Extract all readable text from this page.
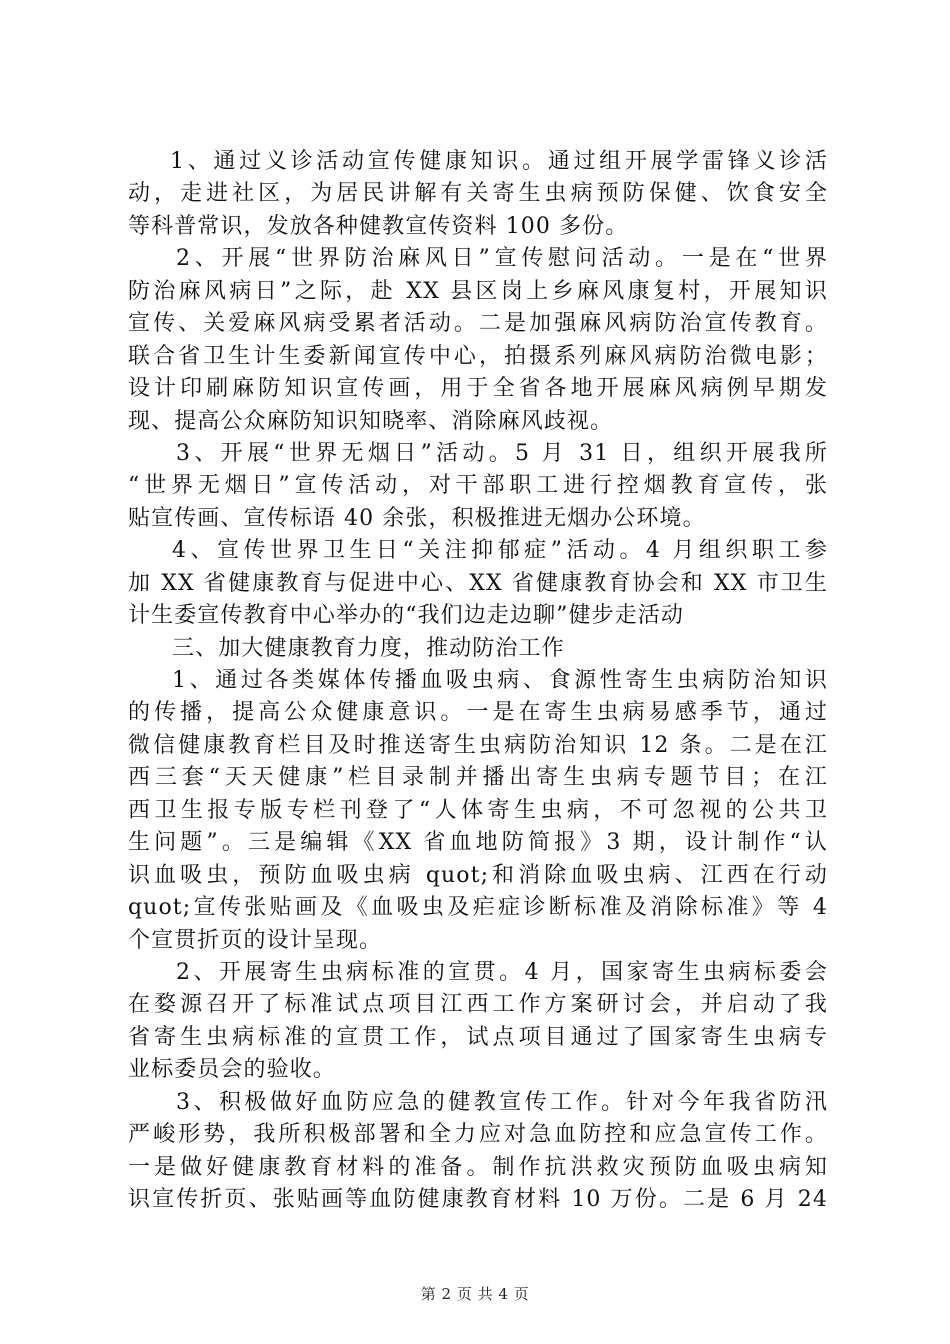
1、通过义诊活动宣传健康知识。通过组开展学雷锋义诊活
动，走进社区，为居民讲解有关寄生虫病预防保健、饮食安全
等科普常识，发放各种健教宣传资料 100 多份。
2、开展“世界防治麻风日”宣传慰问活动。一是在“世界
防治麻风病日”之际，赴 XX 县区岗上乡麻风康复村，开展知识
宣传、关爱麻风病受累者活动。二是加强麻风病防治宣传教育。
联合省卫生计生委新闻宣传中心，拍摄系列麻风病防治微电影；
设计印刷麻防知识宣传画，用于全省各地开展麻风病例早期发
现、提高公众麻防知识知晓率、消除麻风歧视。
3、开展“世界无烟日”活动。5 月 31 日，组织开展我所
“世界无烟日”宣传活动，对干部职工进行控烟教育宣传，张
贴宣传画、宣传标语 40 余张，积极推进无烟办公环境。
4、宣传世界卫生日“关注抑郁症”活动。4 月组织职工参
加 XX 省健康教育与促进中心、XX 省健康教育协会和 XX 市卫生
计生委宣传教育中心举办的“我们边走边聊”健步走活动
三、加大健康教育力度，推动防治工作
1、通过各类媒体传播血吸虫病、食源性寄生虫病防治知识
的传播，提高公众健康意识。一是在寄生虫病易感季节，通过
微信健康教育栏目及时推送寄生虫病防治知识 12 条。二是在江
西三套“天天健康”栏目录制并播出寄生虫病专题节目；在江
西卫生报专版专栏刊登了“人体寄生虫病，不可忽视的公共卫
生问题”。三是编辑《XX 省血地防简报》3 期，设计制作“认
识血吸虫，预防血吸虫病 quot;和消除血吸虫病、江西在行动
quot;宣传张贴画及《血吸虫及疟症诊断标准及消除标准》等 4
个宣贯折页的设计呈现。
2、开展寄生虫病标准的宣贯。4 月，国家寄生虫病标委会
在婺源召开了标准试点项目江西工作方案研讨会，并启动了我
省寄生虫病标准的宣贯工作，试点项目通过了国家寄生虫病专
业标委员会的验收。
3、积极做好血防应急的健教宣传工作。针对今年我省防汛
严峻形势，我所积极部署和全力应对急血防控和应急宣传工作。
一是做好健康教育材料的准备。制作抗洪救灾预防血吸虫病知
识宣传折页、张贴画等血防健康教育材料 10 万份。二是 6 月 24
第 2 页 共 4 页
